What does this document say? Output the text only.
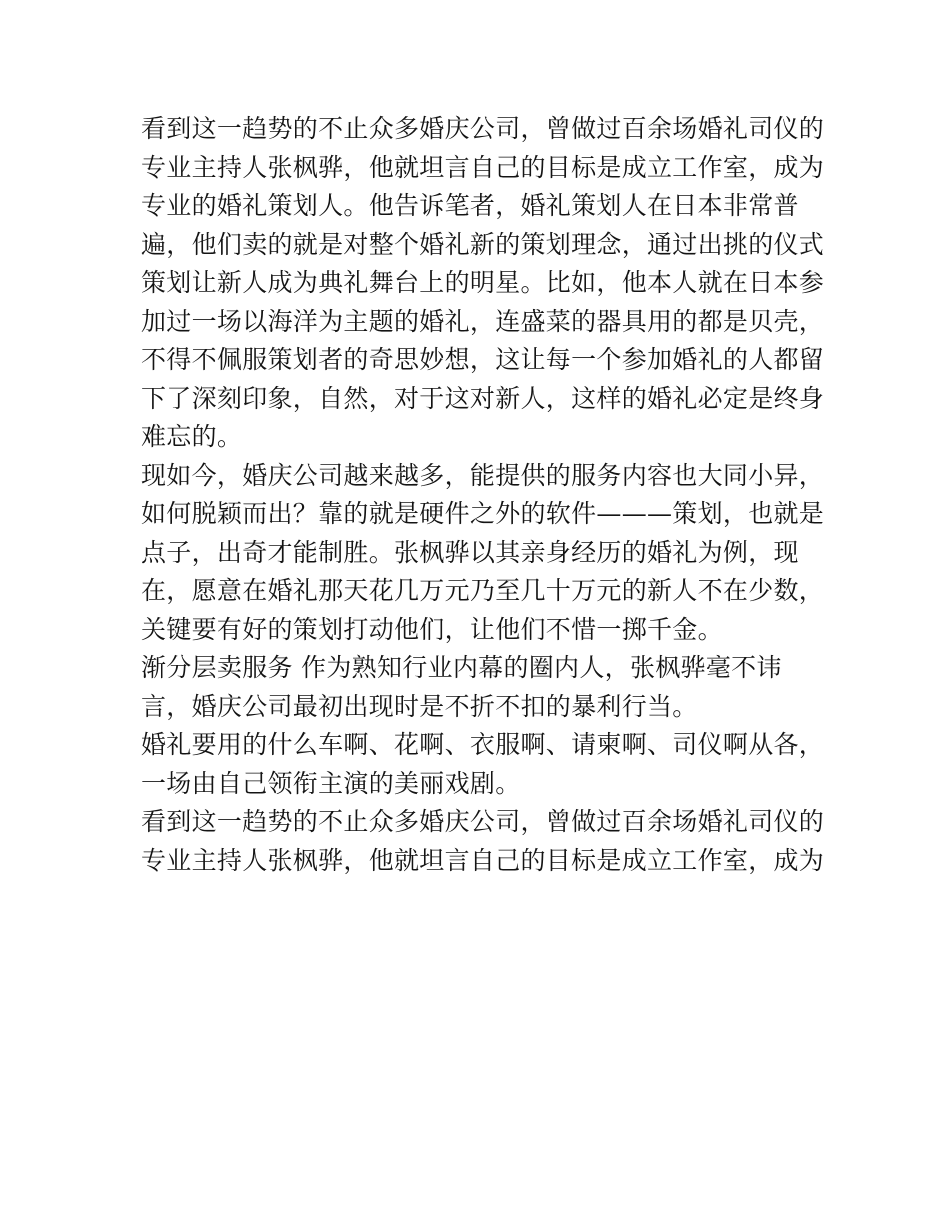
看到这一趋势的不止众多婚庆公司，曾做过百余场婚礼司仪的
专业主持人张枫骅，他就坦言自己的目标是成立工作室，成为
专业的婚礼策划人。他告诉笔者，婚礼策划人在日本非常普
遍，他们卖的就是对整个婚礼新的策划理念，通过出挑的仪式
策划让新人成为典礼舞台上的明星。比如，他本人就在日本参
加过一场以海洋为主题的婚礼，连盛菜的器具用的都是贝壳，
不得不佩服策划者的奇思妙想，这让每一个参加婚礼的人都留
下了深刻印象，自然，对于这对新人，这样的婚礼必定是终身
难忘的。
现如今，婚庆公司越来越多，能提供的服务内容也大同小异，
如何脱颖而出？靠的就是硬件之外的软件———策划，也就是
点子，出奇才能制胜。张枫骅以其亲身经历的婚礼为例，现
在，愿意在婚礼那天花几万元乃至几十万元的新人不在少数，
关键要有好的策划打动他们，让他们不惜一掷千金。
渐分层卖服务 作为熟知行业内幕的圈内人，张枫骅毫不讳
言，婚庆公司最初出现时是不折不扣的暴利行当。
婚礼要用的什么车啊、花啊、衣服啊、请柬啊、司仪啊从各，
一场由自己领衔主演的美丽戏剧。
看到这一趋势的不止众多婚庆公司，曾做过百余场婚礼司仪的
专业主持人张枫骅，他就坦言自己的目标是成立工作室，成为
